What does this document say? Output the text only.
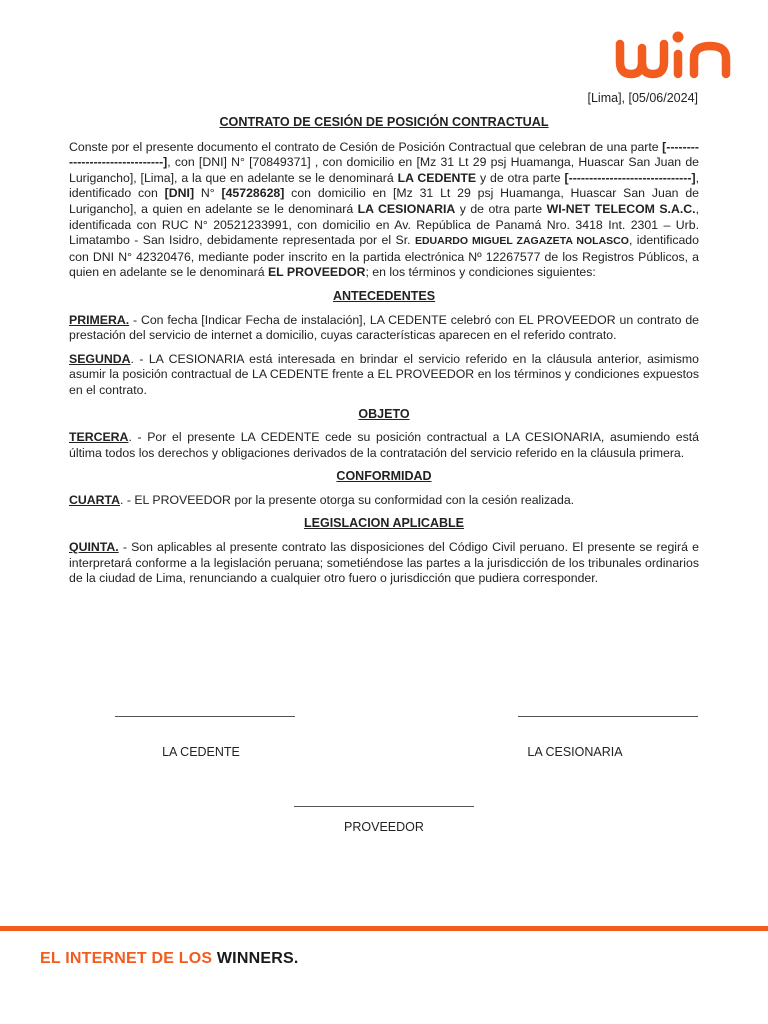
[Lima], [05/06/2024]
CONTRATO DE CESIÓN DE POSICIÓN CONTRACTUAL

Conste por el presente documento el contrato de Cesión de Posición Contractual que celebran de una parte [-------------------------------], con [DNI] N° [70849371] , con domicilio en [Mz 31 Lt 29 psj Huamanga, Huascar San Juan de Lurigancho], [Lima], a la que en adelante se le denominará LA CEDENTE y de otra parte [------------------------------], identificado con [DNI] N° [45728628] con domicilio en [Mz 31 Lt 29 psj Huamanga, Huascar San Juan de Lurigancho], a quien en adelante se le denominará LA CESIONARIA y de otra parte WI-NET TELECOM S.A.C., identificada con RUC N° 20521233991, con domicilio en Av. República de Panamá Nro. 3418 Int. 2301 – Urb. Limatambo - San Isidro, debidamente representada por el Sr. EDUARDO MIGUEL ZAGAZETA NOLASCO, identificado con DNI N° 42320476, mediante poder inscrito en la partida electrónica Nº 12267577 de los Registros Públicos, a quien en adelante se le denominará EL PROVEEDOR; en los términos y condiciones siguientes:

ANTECEDENTES

PRIMERA. - Con fecha [Indicar Fecha de instalación], LA CEDENTE celebró con EL PROVEEDOR un contrato de prestación del servicio de internet a domicilio, cuyas características aparecen en el referido contrato.

SEGUNDA. - LA CESIONARIA está interesada en brindar el servicio referido en la cláusula anterior, asimismo asumir la posición contractual de LA CEDENTE frente a EL PROVEEDOR en los términos y condiciones expuestos en el contrato.

OBJETO

TERCERA. - Por el presente LA CEDENTE cede su posición contractual a LA CESIONARIA, asumiendo está última todos los derechos y obligaciones derivados de la contratación del servicio referido en la cláusula primera.

CONFORMIDAD

CUARTA. - EL PROVEEDOR por la presente otorga su conformidad con la cesión realizada.

LEGISLACION APLICABLE

QUINTA. - Son aplicables al presente contrato las disposiciones del Código Civil peruano. El presente se regirá e interpretará conforme a la legislación peruana; sometiéndose las partes a la jurisdicción de los tribunales ordinarios de la ciudad de Lima, renunciando a cualquier otro fuero o jurisdicción que pudiera corresponder.

LA CEDENTE	LA CESIONARIA
PROVEEDOR
EL INTERNET DE LOS WINNERS.
